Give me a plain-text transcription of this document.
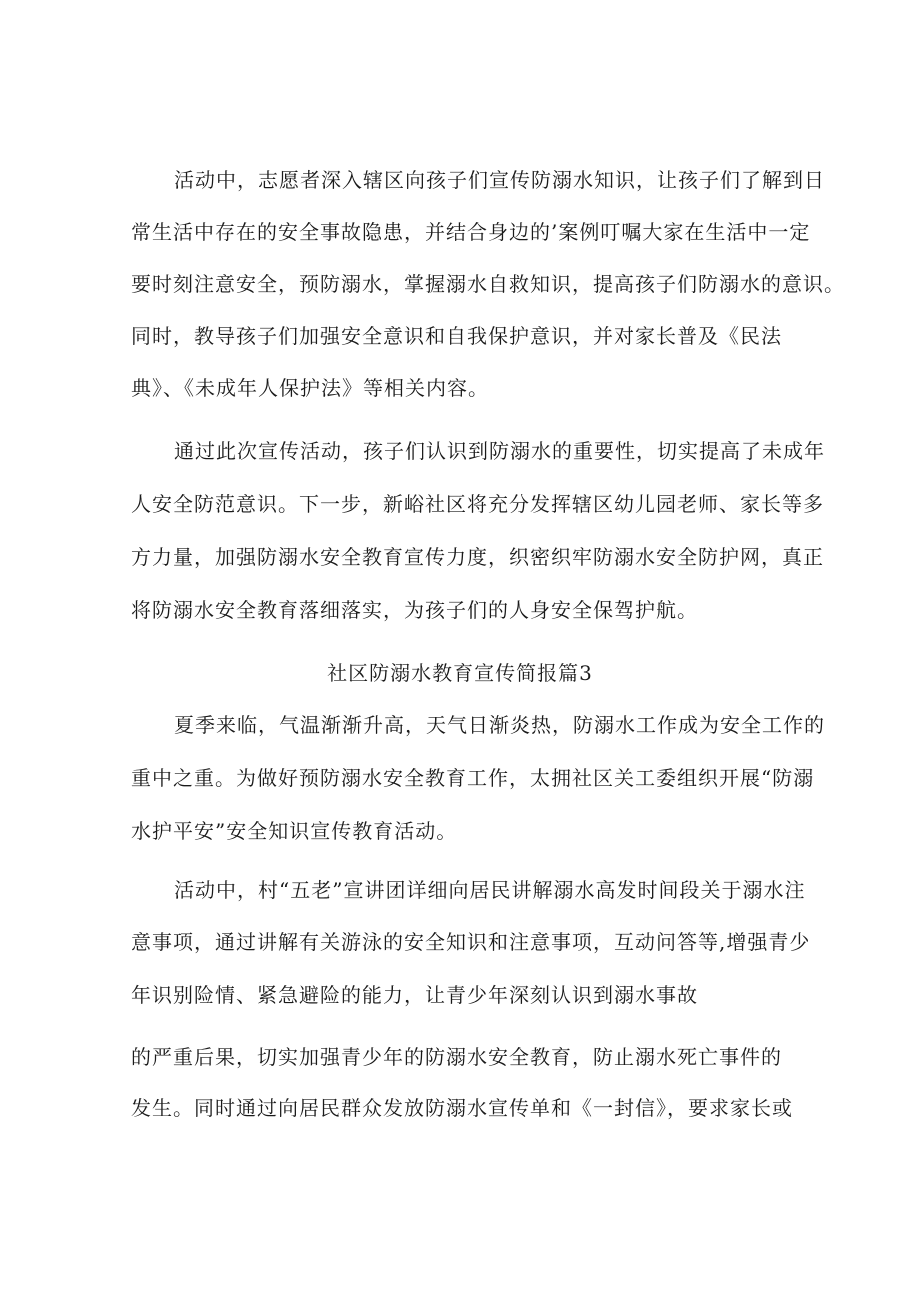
活动中，志愿者深入辖区向孩子们宣传防溺水知识，让孩子们了解到日
常生活中存在的安全事故隐患，并结合身边的’案例叮嘱大家在生活中一定
要时刻注意安全，预防溺水，掌握溺水自救知识，提高孩子们防溺水的意识。
同时，教导孩子们加强安全意识和自我保护意识，并对家长普及《民法
典》、《未成年人保护法》等相关内容。
通过此次宣传活动，孩子们认识到防溺水的重要性，切实提高了未成年
人安全防范意识。下一步，新峪社区将充分发挥辖区幼儿园老师、家长等多
方力量，加强防溺水安全教育宣传力度，织密织牢防溺水安全防护网，真正
将防溺水安全教育落细落实，为孩子们的人身安全保驾护航。
社区防溺水教育宣传简报篇3
夏季来临，气温渐渐升高，天气日渐炎热，防溺水工作成为安全工作的
重中之重。为做好预防溺水安全教育工作，太拥社区关工委组织开展“防溺
水护平安”安全知识宣传教育活动。
活动中，村“五老”宣讲团详细向居民讲解溺水高发时间段关于溺水注
意事项，通过讲解有关游泳的安全知识和注意事项，互动问答等,增强青少
年识别险情、紧急避险的能力，让青少年深刻认识到溺水事故
的严重后果，切实加强青少年的防溺水安全教育，防止溺水死亡事件的
发生。同时通过向居民群众发放防溺水宣传单和《一封信》，要求家长或
